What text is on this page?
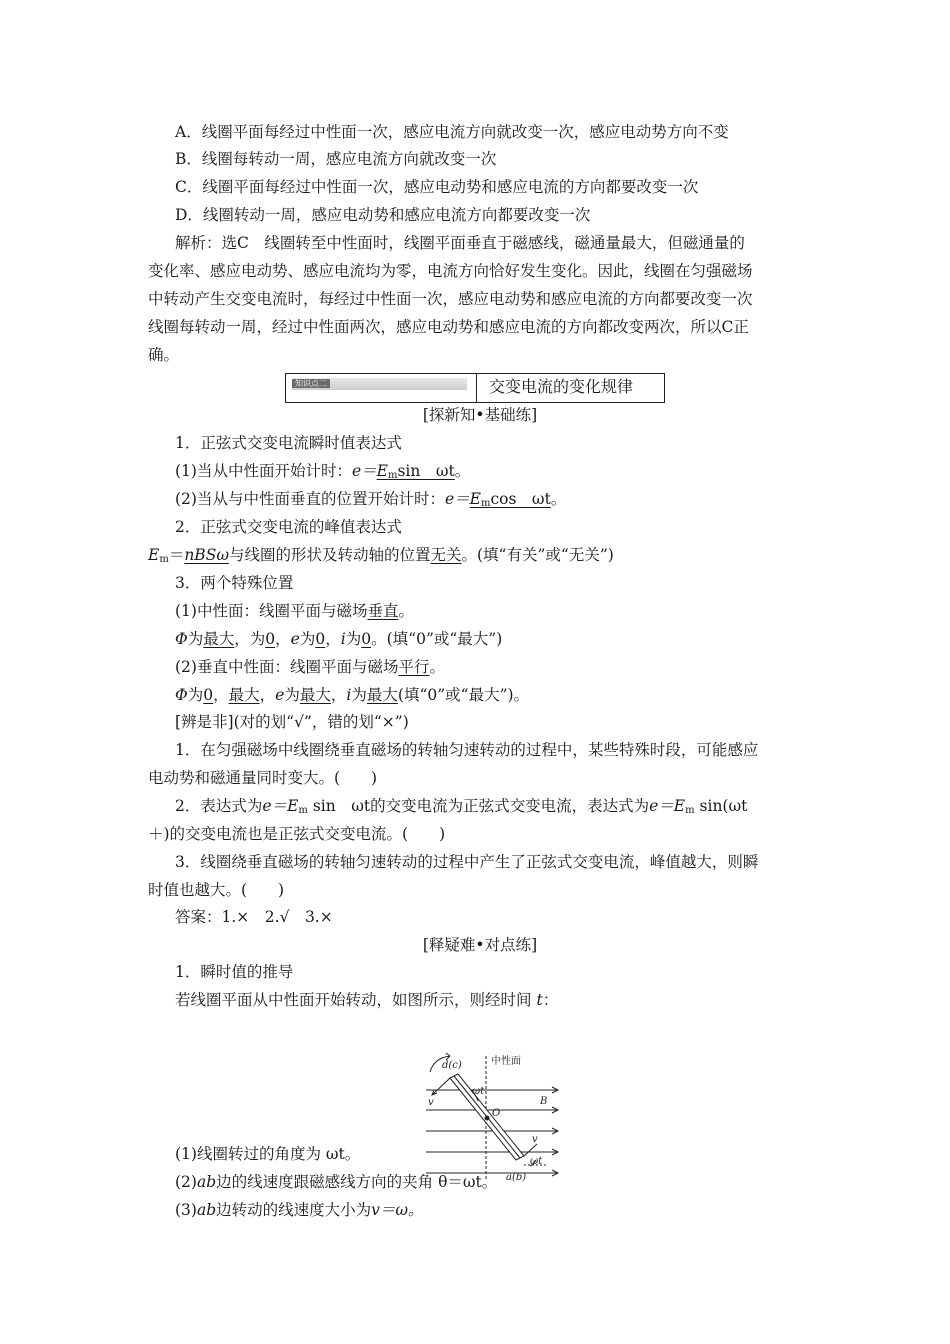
A．线圈平面每经过中性面一次，感应电流方向就改变一次，感应电动势方向不变
B．线圈每转动一周，感应电流方向就改变一次
C．线圈平面每经过中性面一次，感应电动势和感应电流的方向都要改变一次
D．线圈转动一周，感应电动势和感应电流方向都要改变一次
解析：选C　线圈转至中性面时，线圈平面垂直于磁感线，磁通量最大，但磁通量的
变化率、感应电动势、感应电流均为零，电流方向恰好发生变化。因此，线圈在匀强磁场
中转动产生交变电流时，每经过中性面一次，感应电动势和感应电流的方向都要改变一次
线圈每转动一周，经过中性面两次，感应电动势和感应电流的方向都改变两次，所以C正
确。
知识点二	交变电流的变化规律
[探新知•基础练]
1．正弦式交变电流瞬时值表达式
(1)当从中性面开始计时：$e=E_m\sin$　ωt。
(2)当从与中性面垂直的位置开始计时：$e=E_m\cos$　ωt。
2．正弦式交变电流的峰值表达式
$E_m=nBS\omega$与线圈的形状及转动轴的位置无关。(填“有关”或“无关”)
3．两个特殊位置
(1)中性面：线圈平面与磁场垂直。
Φ为最大，为0，e为0，i为0。(填“0”或“最大”)
(2)垂直中性面：线圈平面与磁场平行。
Φ为0，最大，e为最大，i为最大(填“0”或“最大”)。
[辨是非](对的划“√”，错的划“×”)
1．在匀强磁场中线圈绕垂直磁场的转轴匀速转动的过程中，某些特殊时段，可能感应
电动势和磁通量同时变大。(　　)
2．表达式为$e=E_m$ sin　ωt的交变电流为正弦式交变电流，表达式为$e=E_m$ sin(ωt
＋)的交变电流也是正弦式交变电流。(　　)
3．线圈绕垂直磁场的转轴匀速转动的过程中产生了正弦式交变电流，峰值越大，则瞬
时值也越大。(　　)
答案：1.×　2.√　3.×
[释疑难•对点练]
1．瞬时值的推导
若线圈平面从中性面开始转动，如图所示，则经时间 t：
d(c)	中性面
ωt
v	B
O
v
ωt
a(b)
(1)线圈转过的角度为 ωt。
(2)ab边的线速度跟磁感线方向的夹角 θ＝ωt。
(3)ab边转动的线速度大小为v＝ω。
